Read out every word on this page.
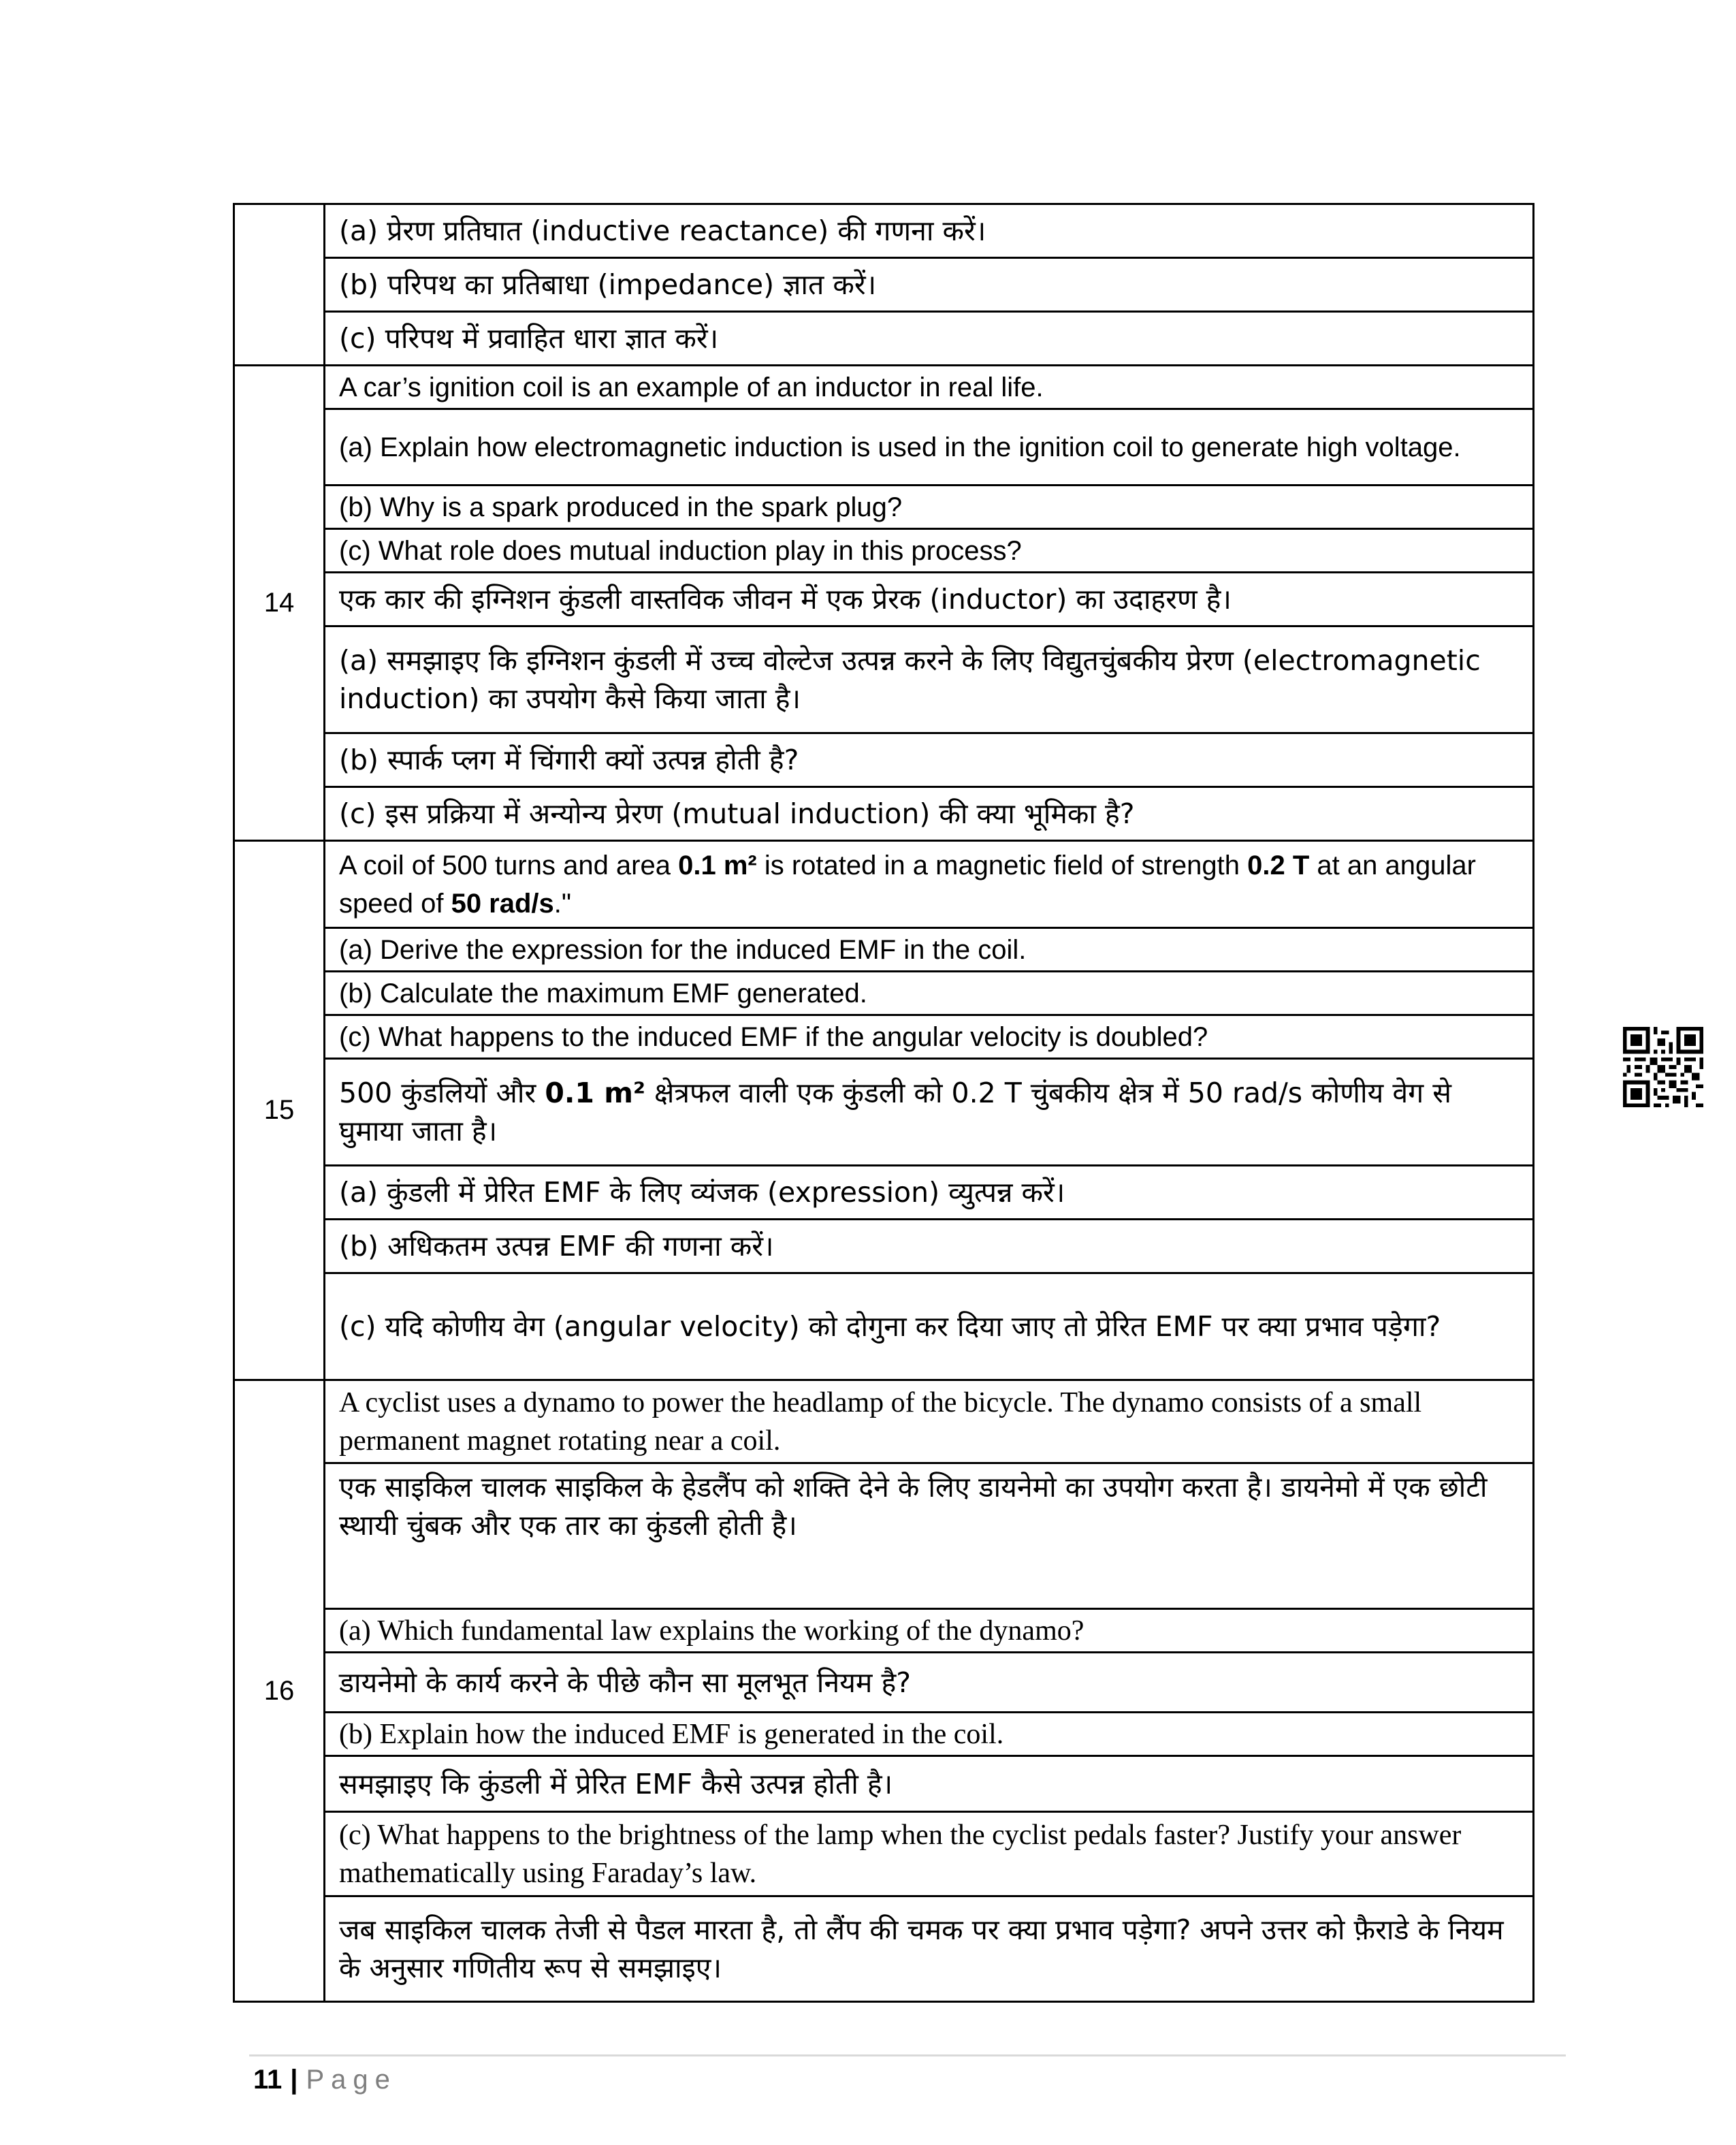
	(a) प्रेरण प्रतिघात (inductive reactance) की गणना करें।
	(b) परिपथ का प्रतिबाधा (impedance) ज्ञात करें।
	(c) परिपथ में प्रवाहित धारा ज्ञात करें।
14	A car’s ignition coil is an example of an inductor in real life.
	(a) Explain how electromagnetic induction is used in the ignition coil to generate high voltage.
	(b) Why is a spark produced in the spark plug?
	(c) What role does mutual induction play in this process?
	एक कार की इग्निशन कुंडली वास्तविक जीवन में एक प्रेरक (inductor) का उदाहरण है।
	(a) समझाइए कि इग्निशन कुंडली में उच्च वोल्टेज उत्पन्न करने के लिए विद्युतचुंबकीय प्रेरण (electromagnetic induction) का उपयोग कैसे किया जाता है।
	(b) स्पार्क प्लग में चिंगारी क्यों उत्पन्न होती है?
	(c) इस प्रक्रिया में अन्योन्य प्रेरण (mutual induction) की क्या भूमिका है?
15	A coil of 500 turns and area 0.1 m² is rotated in a magnetic field of strength 0.2 T at an angular speed of 50 rad/s."
	(a) Derive the expression for the induced EMF in the coil.
	(b) Calculate the maximum EMF generated.
	(c) What happens to the induced EMF if the angular velocity is doubled?
	500 कुंडलियों और 0.1 m² क्षेत्रफल वाली एक कुंडली को 0.2 T चुंबकीय क्षेत्र में 50 rad/s कोणीय वेग से घुमाया जाता है।
	(a) कुंडली में प्रेरित EMF के लिए व्यंजक (expression) व्युत्पन्न करें।
	(b) अधिकतम उत्पन्न EMF की गणना करें।
	(c) यदि कोणीय वेग (angular velocity) को दोगुना कर दिया जाए तो प्रेरित EMF पर क्या प्रभाव पड़ेगा?
16	A cyclist uses a dynamo to power the headlamp of the bicycle. The dynamo consists of a small permanent magnet rotating near a coil.
	एक साइकिल चालक साइकिल के हेडलैंप को शक्ति देने के लिए डायनेमो का उपयोग करता है। डायनेमो में एक छोटी स्थायी चुंबक और एक तार का कुंडली होती है।
	(a) Which fundamental law explains the working of the dynamo?
	डायनेमो के कार्य करने के पीछे कौन सा मूलभूत नियम है?
	(b) Explain how the induced EMF is generated in the coil.
	समझाइए कि कुंडली में प्रेरित EMF कैसे उत्पन्न होती है।
	(c) What happens to the brightness of the lamp when the cyclist pedals faster? Justify your answer mathematically using Faraday’s law.
	जब साइकिल चालक तेजी से पैडल मारता है, तो लैंप की चमक पर क्या प्रभाव पड़ेगा? अपने उत्तर को फ़ैराडे के नियम के अनुसार गणितीय रूप से समझाइए।
11 | Page
